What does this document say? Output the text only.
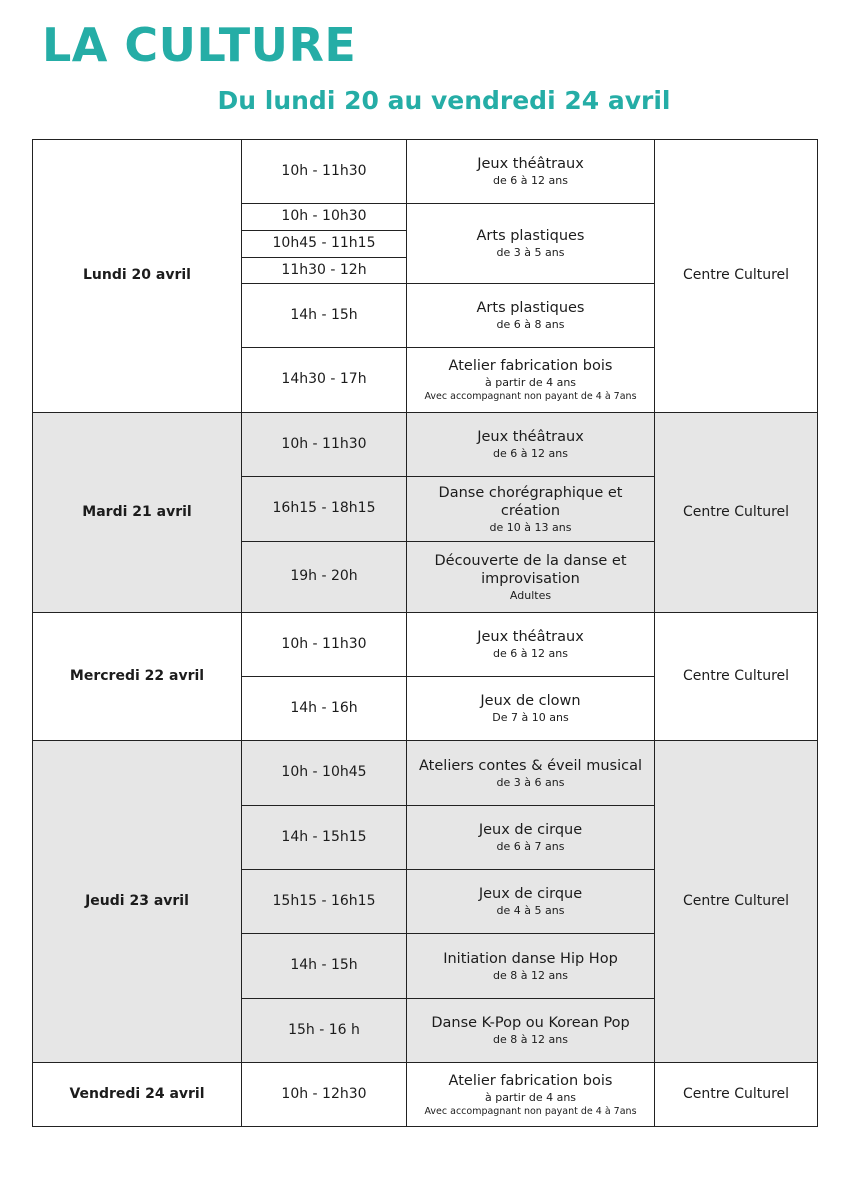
LA CULTURE
Du lundi 20 au vendredi 24 avril
Lundi 20 avril	10h - 11h30	Jeux théâtraux
de 6 à 12 ans	Centre Culturel
	10h - 10h30	Arts plastiques
de 3 à 5 ans	

	10h45 - 11h15		
	11h30 - 12h		
	14h - 15h	Arts plastiques
de 6 à 8 ans	

	14h30 - 17h	Atelier fabrication bois
à partir de 4 ans
Avec accompagnant non payant de 4 à 7ans	

Mardi 21 avril	10h - 11h30	Jeux théâtraux
de 6 à 12 ans	Centre Culturel
	16h15 - 18h15	Danse chorégraphique et création
de 10 à 13 ans	

	19h - 20h	Découverte de la danse et improvisation
Adultes	

Mercredi 22 avril	10h - 11h30	Jeux théâtraux
de 6 à 12 ans	Centre Culturel
	14h - 16h	Jeux de clown
De 7 à 10 ans	

Jeudi 23 avril	10h - 10h45	Ateliers contes & éveil musical
de 3 à 6 ans	Centre Culturel
	14h - 15h15	Jeux de cirque
de 6 à 7 ans	

	15h15 - 16h15	Jeux de cirque
de 4 à 5 ans	

	14h - 15h	Initiation danse Hip Hop
de 8 à 12 ans	

	15h - 16 h	Danse K-Pop ou Korean Pop
de 8 à 12 ans	

Vendredi 24 avril	10h - 12h30	Atelier fabrication bois
à partir de 4 ans
Avec accompagnant non payant de 4 à 7ans	Centre Culturel
